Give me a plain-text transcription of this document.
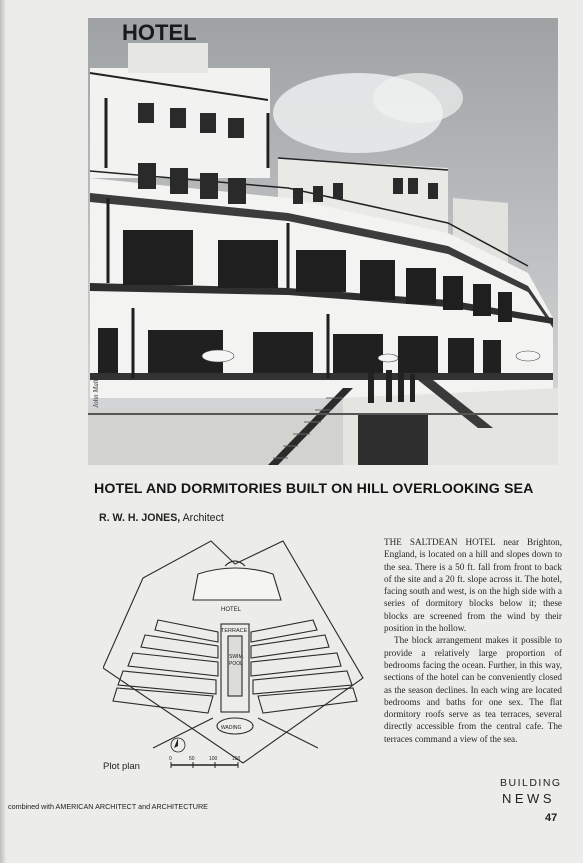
HOTEL
John Maltby
HOTEL AND DORMITORIES BUILT ON HILL OVERLOOKING SEA
R. W. H. JONES, Architect

THE SALTDEAN HOTEL near Brighton, England, is located on a hill and slopes down to the sea. There is a 50 ft. fall from front to back of the site and a 20 ft. slope across it. The hotel, facing south and west, is on the high side with a series of dormitory blocks below it; these blocks are screened from the wind by their position in the hollow.

The block arrangement makes it possible to provide a relatively large proportion of bedrooms facing the ocean. Further, in this way, sections of the hotel can be conveniently closed as the season declines. In each wing are located bedrooms and baths for one sex. The flat dormitory roofs serve as tea terraces, several directly accessible from the central cafe. The terraces command a view of the sea.

HOTEL
TERRACE
SWIM.
POOL
WADING
0	50	100	150
Plot plan
combined with AMERICAN ARCHITECT and ARCHITECTURE
BUILDING
NEWS
47
